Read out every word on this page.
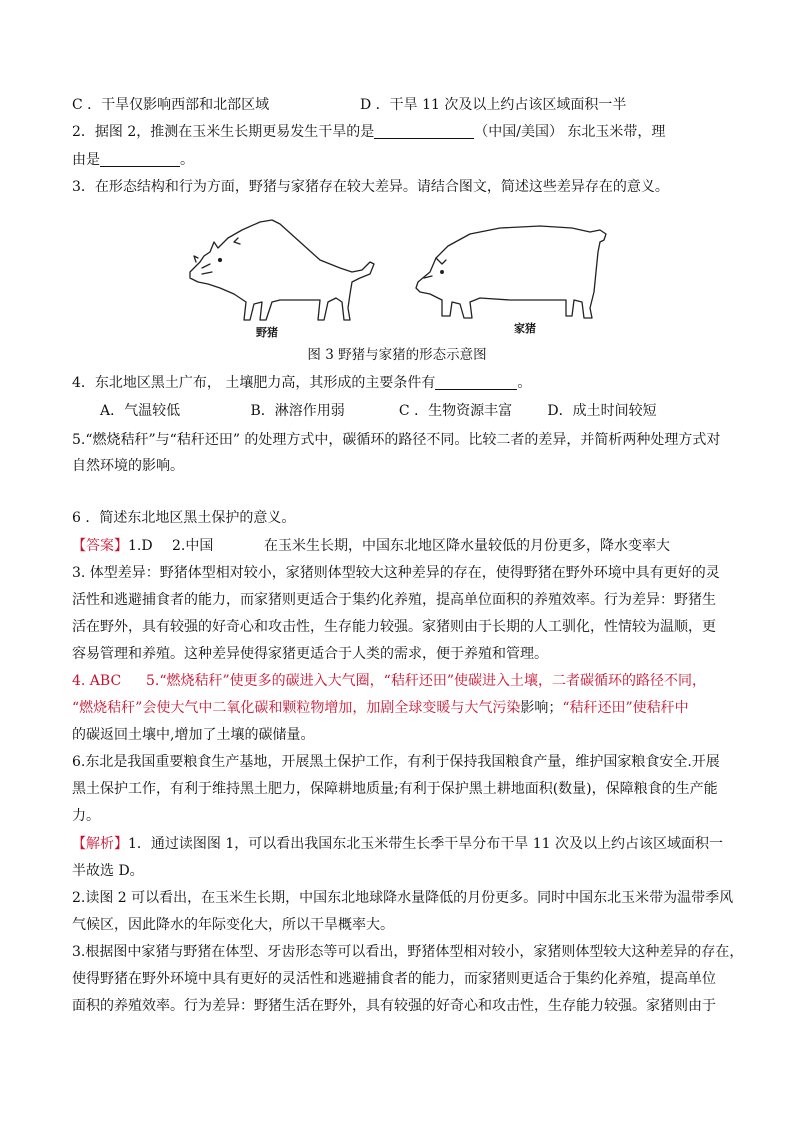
C ．干旱仅影响西部和北部区域	D ．干旱 11 次及以上约占该区域面积一半
2．据图 2，推测在玉米生长期更易发生干旱的是	（中国/美国） 东北玉米带，理
由是	。
3．在形态结构和行为方面，野猪与家猪存在较大差异。请结合图文，简述这些差异存在的意义。
野猪	家猪
图 3 野猪与家猪的形态示意图
4．东北地区黑土广布， 土壤肥力高，其形成的主要条件有	。
A．气温较低	B．淋溶作用弱	C ．生物资源丰富	D．成土时间较短
5.“燃烧秸秆”与“秸秆还田” 的处理方式中，碳循环的路径不同。比较二者的差异，并简析两种处理方式对
自然环境的影响。
6 ．简述东北地区黑土保护的意义。
【答案】1.D 2.中国	在玉米生长期，中国东北地区降水量较低的月份更多，降水变率大
3. 体型差异：野猪体型相对较小，家猪则体型较大这种差异的存在，使得野猪在野外环境中具有更好的灵
活性和逃避捕食者的能力，而家猪则更适合于集约化养殖，提高单位面积的养殖效率。行为差异：野猪生
活在野外，具有较强的好奇心和攻击性，生存能力较强。家猪则由于长期的人工驯化，性情较为温顺，更
容易管理和养殖。这种差异使得家猪更适合于人类的需求，便于养殖和管理。
4. ABC 5.“燃烧秸秆”使更多的碳进入大气圈，“秸秆还田”使碳进入土壤，二者碳循环的路径不同，
“燃烧秸秆”会使大气中二氧化碳和颗粒物增加，加剧全球变暖与大气污染影响；“秸秆还田”使秸秆中
的碳返回土壤中,增加了土壤的碳储量。
6.东北是我国重要粮食生产基地，开展黑土保护工作，有利于保持我国粮食产量，维护国家粮食安全.开展
黑土保护工作，有利于维持黑土肥力，保障耕地质量;有利于保护黑土耕地面积(数量)，保障粮食的生产能
力。
【解析】1．通过读图图 1，可以看出我国东北玉米带生长季干旱分布干旱 11 次及以上约占该区域面积一
半故选 D。
2.读图 2 可以看出，在玉米生长期，中国东北地球降水量降低的月份更多。同时中国东北玉米带为温带季风
气候区，因此降水的年际变化大，所以干旱概率大。
3.根据图中家猪与野猪在体型、牙齿形态等可以看出，野猪体型相对较小，家猪则体型较大这种差异的存在，
使得野猪在野外环境中具有更好的灵活性和逃避捕食者的能力，而家猪则更适合于集约化养殖，提高单位
面积的养殖效率。行为差异：野猪生活在野外，具有较强的好奇心和攻击性，生存能力较强。家猪则由于
